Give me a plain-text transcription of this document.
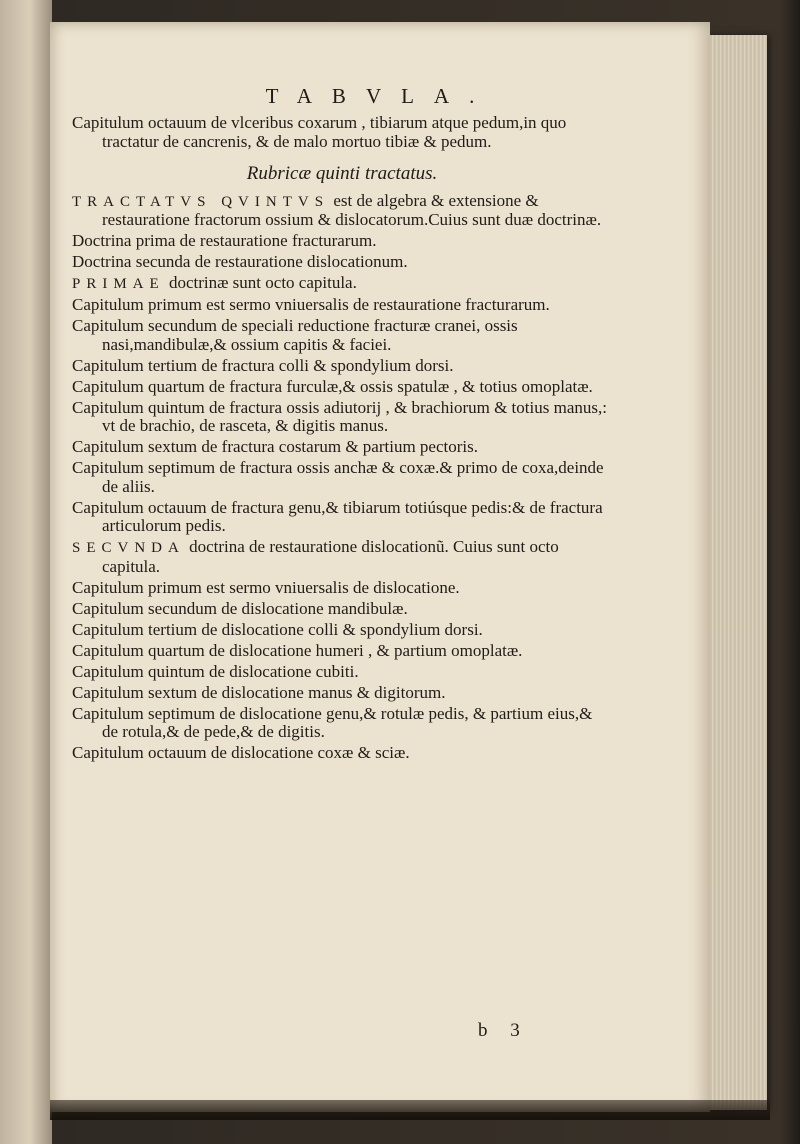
TABVLA.

Capitulum octauum de vlceribus coxarum , tibiarum atque pedum,in quo tractatur de cancrenis, & de malo mortuo tibiæ & pedum.

Rubricæ quinti tractatus.

TRACTATVS QVINTVS est de algebra & extensione & restauratione fractorum ossium & dislocatorum.Cuius sunt duæ doctrinæ.

Doctrina prima de restauratione fracturarum.

Doctrina secunda de restauratione dislocationum.

PRIMAE doctrinæ sunt octo capitula.

Capitulum primum est sermo vniuersalis de restauratione fracturarum.

Capitulum secundum de speciali reductione fracturæ cranei, ossis nasi,mandibulæ,& ossium capitis & faciei.

Capitulum tertium de fractura colli & spondylium dorsi.

Capitulum quartum de fractura furculæ,& ossis spatulæ , & totius omoplatæ.

Capitulum quintum de fractura ossis adiutorij , & brachiorum & totius manus,: vt de brachio, de rasceta, & digitis manus.

Capitulum sextum de fractura costarum & partium pectoris.

Capitulum septimum de fractura ossis anchæ & coxæ.& primo de coxa,deinde de aliis.

Capitulum octauum de fractura genu,& tibiarum totiúsque pedis:& de fractura articulorum pedis.

SECVNDA doctrina de restauratione dislocationũ. Cuius sunt octo capitula.

Capitulum primum est sermo vniuersalis de dislocatione.

Capitulum secundum de dislocatione mandibulæ.

Capitulum tertium de dislocatione colli & spondylium dorsi.

Capitulum quartum de dislocatione humeri , & partium omoplatæ.

Capitulum quintum de dislocatione cubiti.

Capitulum sextum de dislocatione manus & digitorum.

Capitulum septimum de dislocatione genu,& rotulæ pedis, & partium eius,& de rotula,& de pede,& de digitis.

Capitulum octauum de dislocatione coxæ & sciæ.

b 3
